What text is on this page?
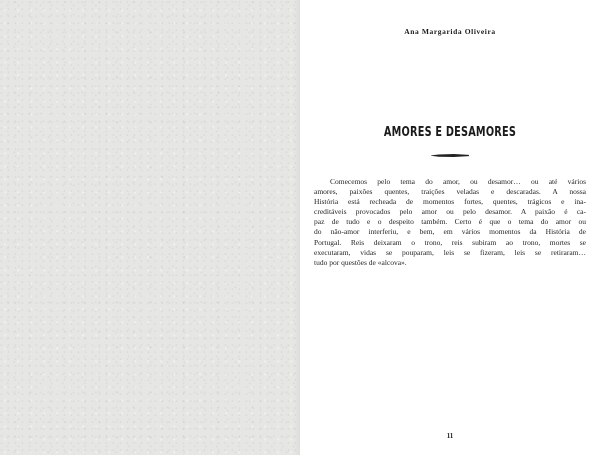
Ana Margarida Oliveira
AMORES E DESAMORES

Comecemos pelo tema do amor, ou desamor… ou até vários
amores, paixões quentes, traições veladas e descaradas. A nossa
História está recheada de momentos fortes, quentes, trágicos e ina-
creditáveis provocados pelo amor ou pelo desamor. A paixão é ca-
paz de tudo e o despeito também. Certo é que o tema do amor ou
do não-amor interferiu, e bem, em vários momentos da História de
Portugal. Reis deixaram o trono, reis subiram ao trono, mortes se
executaram, vidas se pouparam, leis se fizeram, leis se retiraram…
tudo por questões de «alcova».

11
